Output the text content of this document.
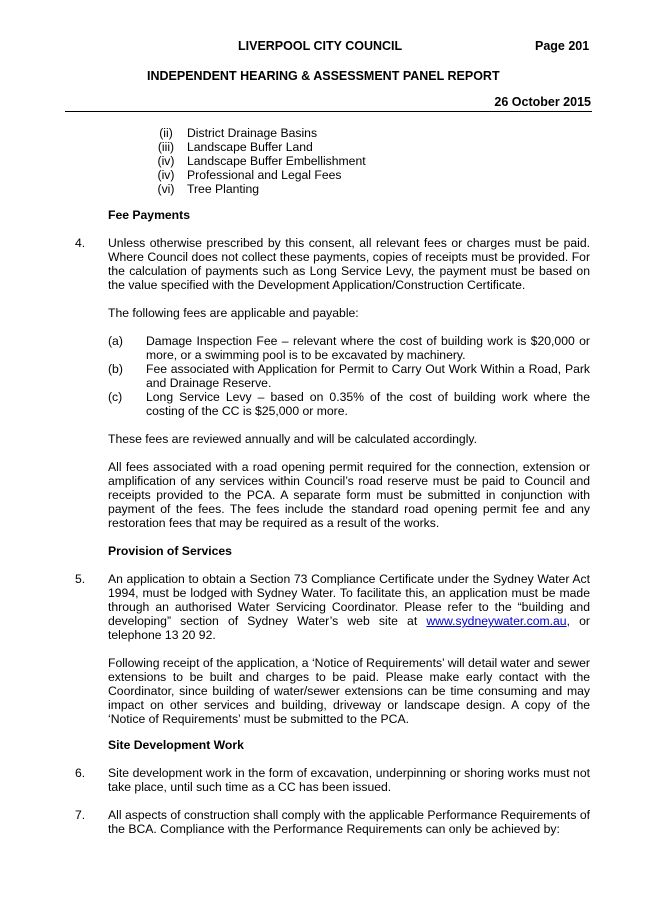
LIVERPOOL CITY COUNCIL	Page 201
INDEPENDENT HEARING & ASSESSMENT PANEL REPORT
26 October 2015
(ii)	District Drainage Basins
(iii)	Landscape Buffer Land
(iv)	Landscape Buffer Embellishment
(iv)	Professional and Legal Fees
(vi)	Tree Planting
Fee Payments
4. Unless otherwise prescribed by this consent, all relevant fees or charges must be paid. Where Council does not collect these payments, copies of receipts must be provided. For the calculation of payments such as Long Service Levy, the payment must be based on the value specified with the Development Application/Construction Certificate.
The following fees are applicable and payable:
(a) Damage Inspection Fee – relevant where the cost of building work is $20,000 or more, or a swimming pool is to be excavated by machinery.
(b) Fee associated with Application for Permit to Carry Out Work Within a Road, Park and Drainage Reserve.
(c) Long Service Levy – based on 0.35% of the cost of building work where the costing of the CC is $25,000 or more.
These fees are reviewed annually and will be calculated accordingly.
All fees associated with a road opening permit required for the connection, extension or amplification of any services within Council’s road reserve must be paid to Council and receipts provided to the PCA. A separate form must be submitted in conjunction with payment of the fees. The fees include the standard road opening permit fee and any restoration fees that may be required as a result of the works.
Provision of Services
5. An application to obtain a Section 73 Compliance Certificate under the Sydney Water Act 1994, must be lodged with Sydney Water. To facilitate this, an application must be made through an authorised Water Servicing Coordinator. Please refer to the “building and developing” section of Sydney Water’s web site at www.sydneywater.com.au, or telephone 13 20 92.
Following receipt of the application, a ‘Notice of Requirements’ will detail water and sewer extensions to be built and charges to be paid. Please make early contact with the Coordinator, since building of water/sewer extensions can be time consuming and may impact on other services and building, driveway or landscape design. A copy of the ‘Notice of Requirements’ must be submitted to the PCA.
Site Development Work
6. Site development work in the form of excavation, underpinning or shoring works must not take place, until such time as a CC has been issued.
7. All aspects of construction shall comply with the applicable Performance Requirements of the BCA. Compliance with the Performance Requirements can only be achieved by:
